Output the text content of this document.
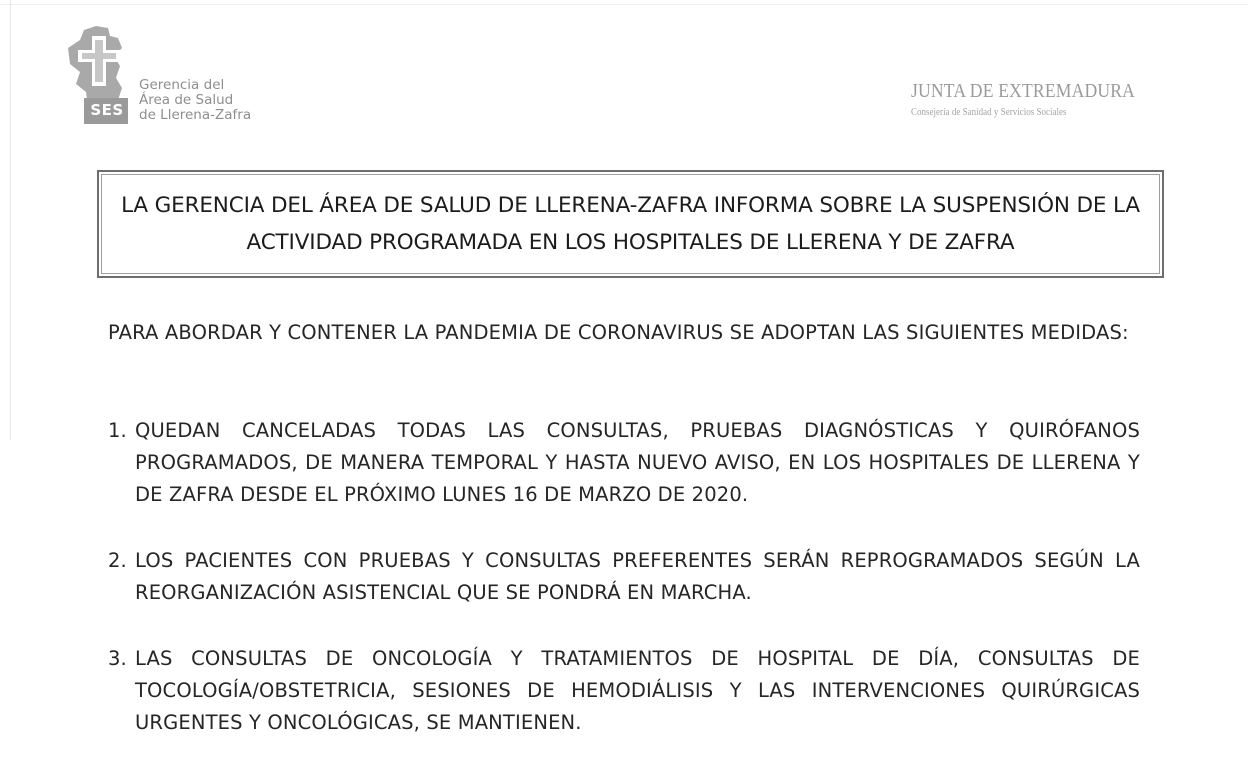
SES
Gerencia del
Área de Salud
de Llerena-Zafra
JUNTA DE EXTREMADURA
Consejería de Sanidad y Servicios Sociales
LA GERENCIA DEL ÁREA DE SALUD DE LLERENA-ZAFRA INFORMA SOBRE LA SUSPENSIÓN DE LA ACTIVIDAD PROGRAMADA EN LOS HOSPITALES DE LLERENA Y DE ZAFRA
PARA ABORDAR Y CONTENER LA PANDEMIA DE CORONAVIRUS SE ADOPTAN LAS SIGUIENTES MEDIDAS:
1. QUEDAN CANCELADAS TODAS LAS CONSULTAS, PRUEBAS DIAGNÓSTICAS Y QUIRÓFANOS PROGRAMADOS, DE MANERA TEMPORAL Y HASTA NUEVO AVISO, EN LOS HOSPITALES DE LLERENA Y DE ZAFRA DESDE EL PRÓXIMO LUNES 16 DE MARZO DE 2020.
2. LOS PACIENTES CON PRUEBAS Y CONSULTAS PREFERENTES SERÁN REPROGRAMADOS SEGÚN LA REORGANIZACIÓN ASISTENCIAL QUE SE PONDRÁ EN MARCHA.
3. LAS CONSULTAS DE ONCOLOGÍA Y TRATAMIENTOS DE HOSPITAL DE DÍA, CONSULTAS DE TOCOLOGÍA/OBSTETRICIA, SESIONES DE HEMODIÁLISIS Y LAS INTERVENCIONES QUIRÚRGICAS URGENTES Y ONCOLÓGICAS, SE MANTIENEN.
